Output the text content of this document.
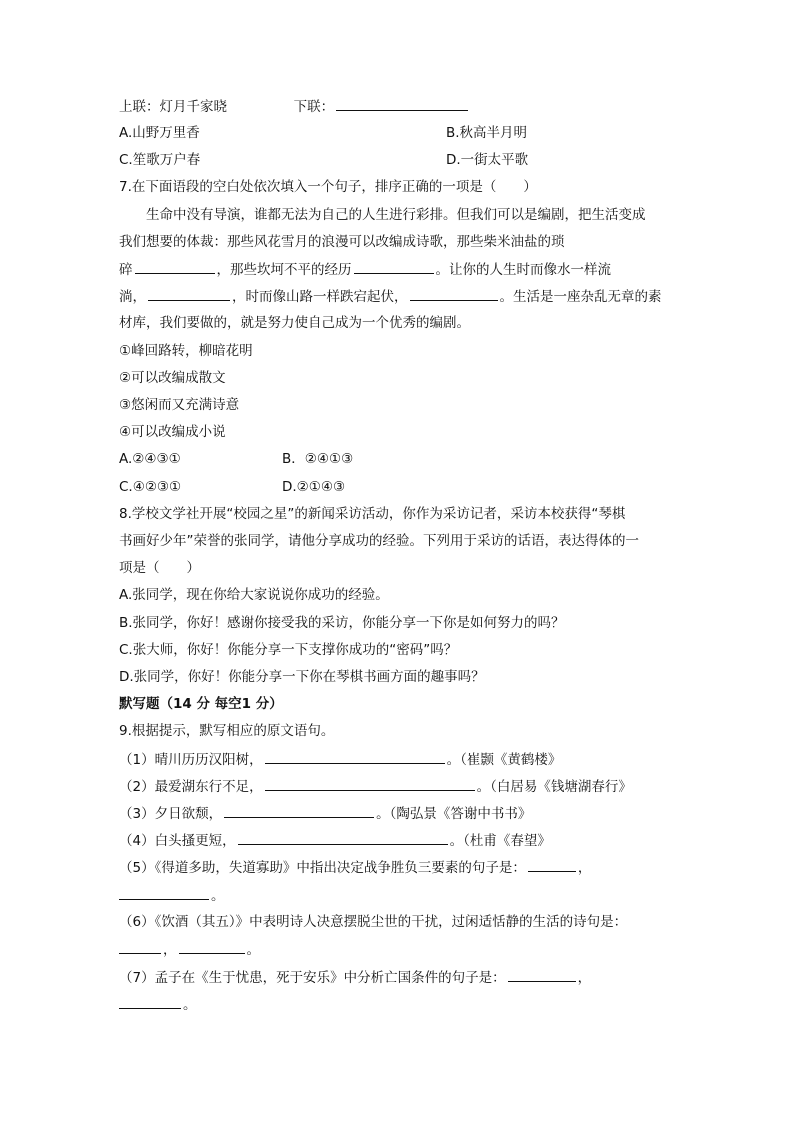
上联：灯月千家晓	下联：
A.山野万里香	B.秋高半月明
C.笙歌万户春	D.一街太平歌
7.在下面语段的空白处依次填入一个句子，排序正确的一项是（　　）
生命中没有导演，谁都无法为自己的人生进行彩排。但我们可以是编剧，把生活变成
我们想要的体裁：那些风花雪月的浪漫可以改编成诗歌，那些柴米油盐的琐
碎	，那些坎坷不平的经历	。让你的人生时而像水一样流
淌，	，时而像山路一样跌宕起伏，	。生活是一座杂乱无章的素
材库，我们要做的，就是努力使自己成为一个优秀的编剧。
①峰回路转，柳暗花明
②可以改编成散文
③悠闲而又充满诗意
④可以改编成小说
A.②④③①	B．②④①③
C.④②③①	D.②①④③
8.学校文学社开展“校园之星”的新闻采访活动，你作为采访记者，采访本校获得“琴棋
书画好少年”荣誉的张同学，请他分享成功的经验。下列用于采访的话语，表达得体的一
项是（　　）
A.张同学，现在你给大家说说你成功的经验。
B.张同学，你好！感谢你接受我的采访，你能分享一下你是如何努力的吗？
C.张大师，你好！你能分享一下支撑你成功的“密码”吗？
D.张同学，你好！你能分享一下你在琴棋书画方面的趣事吗？
默写题（14 分 每空1 分）
9.根据提示，默写相应的原文语句。
（1）晴川历历汉阳树，	。（崔颢《黄鹤楼》
（2）最爱湖东行不足，	。（白居易《钱塘湖春行》
（3）夕日欲颓，	。（陶弘景《答谢中书书》
（4）白头搔更短，	。（杜甫《春望》
（5）《得道多助，失道寡助》中指出决定战争胜负三要素的句子是：	，
。
（6）《饮酒（其五）》中表明诗人决意摆脱尘世的干扰，过闲适恬静的生活的诗句是：
，	。
（7）孟子在《生于忧患，死于安乐》中分析亡国条件的句子是：	，
。
